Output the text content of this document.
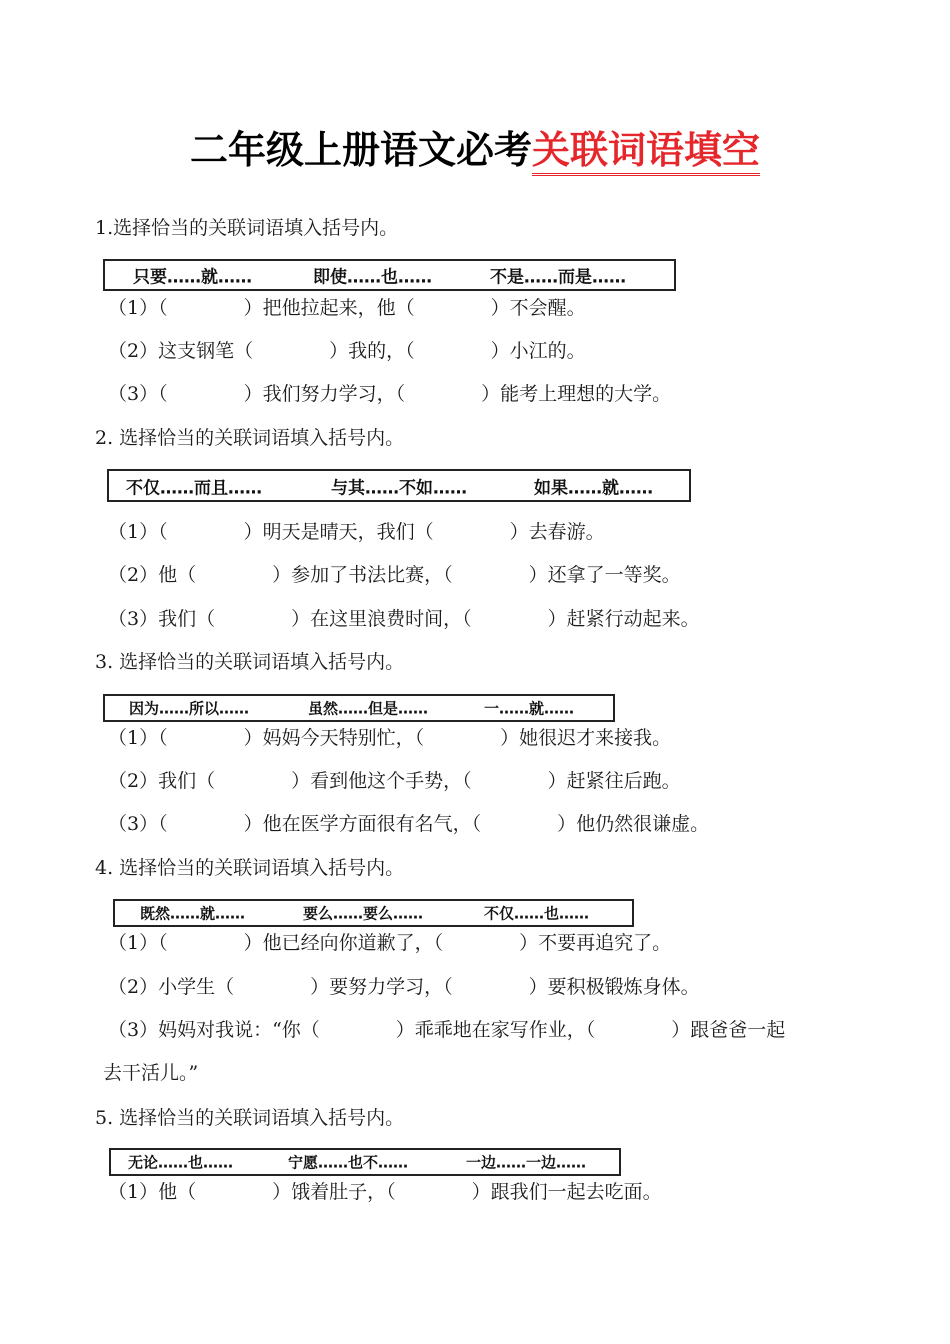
二年级上册语文必考关联词语填空
1.选择恰当的关联词语填入括号内。
只要……就……	即使……也……	不是……而是……
（1）（　　　　）把他拉起来，他（　　　　）不会醒。
（2）这支钢笔（　　　　）我的，（　　　　）小江的。
（3）（　　　　）我们努力学习，（　　　　）能考上理想的大学。
2. 选择恰当的关联词语填入括号内。
不仅……而且……	与其……不如……	如果……就……
（1）（　　　　）明天是晴天，我们（　　　　）去春游。
（2）他（　　　　）参加了书法比赛，（　　　　）还拿了一等奖。
（3）我们（　　　　）在这里浪费时间，（　　　　）赶紧行动起来。
3. 选择恰当的关联词语填入括号内。
因为……所以……	虽然……但是……	一……就……
（1）（　　　　）妈妈今天特别忙，（　　　　）她很迟才来接我。
（2）我们（　　　　）看到他这个手势，（　　　　）赶紧往后跑。
（3）（　　　　）他在医学方面很有名气，（　　　　）他仍然很谦虚。
4. 选择恰当的关联词语填入括号内。
既然……就……	要么……要么……	不仅……也……
（1）（　　　　）他已经向你道歉了，（　　　　）不要再追究了。
（2）小学生（　　　　）要努力学习，（　　　　）要积极锻炼身体。
（3）妈妈对我说：“你（　　　　）乖乖地在家写作业，（　　　　）跟爸爸一起
去干活儿。”
5. 选择恰当的关联词语填入括号内。
无论……也……	宁愿……也不……	一边……一边……
（1）他（　　　　）饿着肚子，（　　　　）跟我们一起去吃面。
